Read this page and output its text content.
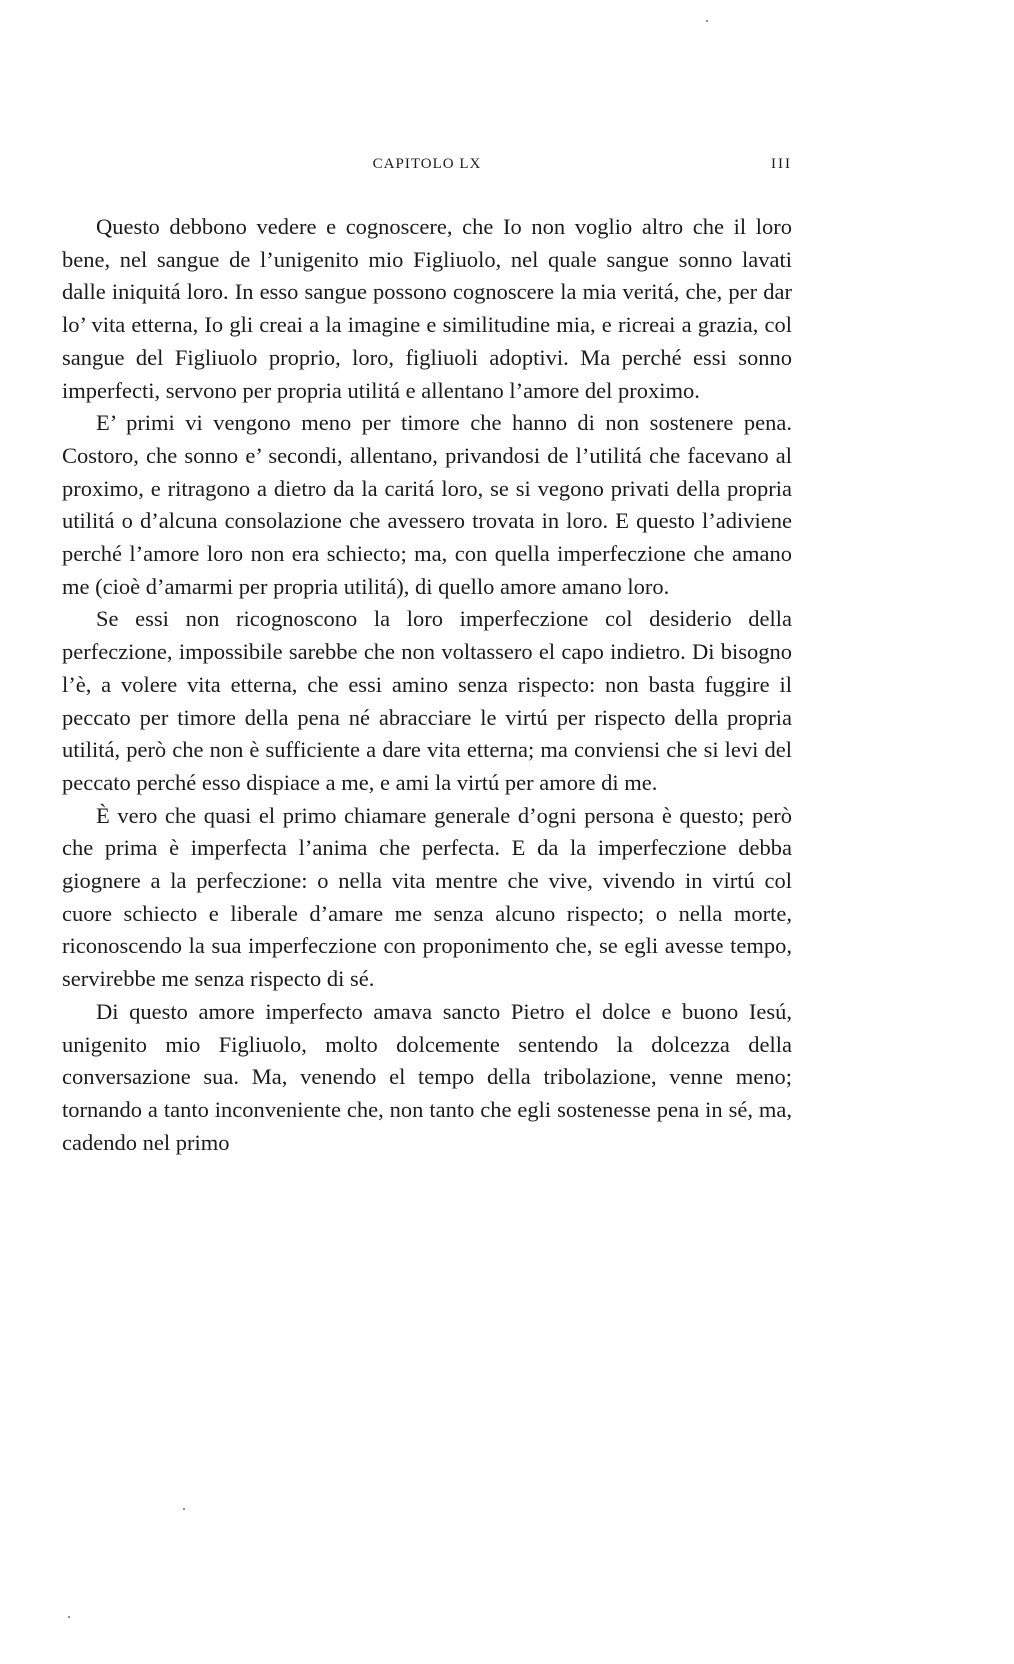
CAPITOLO LX	III

Questo debbono vedere e cognoscere, che Io non voglio altro che il loro bene, nel sangue de l’unigenito mio Figliuolo, nel quale sangue sonno lavati dalle iniquitá loro. In esso sangue possono cognoscere la mia veritá, che, per dar lo’ vita etterna, Io gli creai a la imagine e similitudine mia, e ricreai a grazia, col sangue del Figliuolo proprio, loro, figliuoli adoptivi. Ma perché essi sonno imperfecti, servono per propria utilitá e allentano l’amore del proximo.

E’ primi vi vengono meno per timore che hanno di non sostenere pena. Costoro, che sonno e’ secondi, allentano, privandosi de l’utilitá che facevano al proximo, e ritragono a dietro da la caritá loro, se si vegono privati della propria utilitá o d’alcuna consolazione che avessero trovata in loro. E questo l’adiviene perché l’amore loro non era schiecto; ma, con quella imperfeczione che amano me (cioè d’amarmi per propria utilitá), di quello amore amano loro.

Se essi non ricognoscono la loro imperfeczione col desiderio della perfeczione, impossibile sarebbe che non voltassero el capo indietro. Di bisogno l’è, a volere vita etterna, che essi amino senza rispecto: non basta fuggire il peccato per timore della pena né abracciare le virtú per rispecto della propria utilitá, però che non è sufficiente a dare vita etterna; ma conviensi che si levi del peccato perché esso dispiace a me, e ami la virtú per amore di me.

È vero che quasi el primo chiamare generale d’ogni persona è questo; però che prima è imperfecta l’anima che perfecta. E da la imperfeczione debba giognere a la perfeczione: o nella vita mentre che vive, vivendo in virtú col cuore schiecto e liberale d’amare me senza alcuno rispecto; o nella morte, riconoscendo la sua imperfeczione con proponimento che, se egli avesse tempo, servirebbe me senza rispecto di sé.

Di questo amore imperfecto amava sancto Pietro el dolce e buono Iesú, unigenito mio Figliuolo, molto dolcemente sentendo la dolcezza della conversazione sua. Ma, venendo el tempo della tribolazione, venne meno; tornando a tanto inconveniente che, non tanto che egli sostenesse pena in sé, ma, cadendo nel primo
